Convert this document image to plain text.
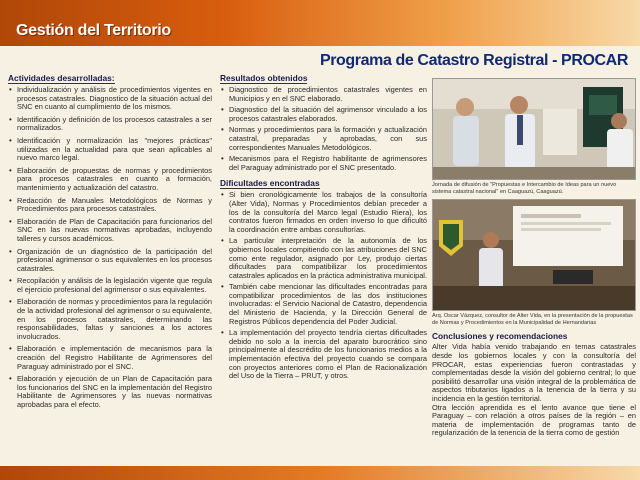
Gestión del Territorio
Programa de Catastro Registral - PROCAR
Actividades desarrolladas:
• Individualización y análisis de procedimientos vigentes en procesos catastrales. Diagnostico de la situación actual del SNC en cuanto al cumplimiento de los mismos.
• Identificación y definición de los procesos catastrales a ser normalizados.
• Identificación y normalización las "mejores prácticas" utilizadas en la actualidad para que sean aplicables al nuevo marco legal.
• Elaboración de propuestas de normas y procedimientos para procesos catastrales en cuanto a formación, mantenimiento y actualización del catastro.
• Redacción de Manuales Metodológicos de Normas y Procedimientos para procesos catastrales.
• Elaboración de Plan de Capacitación para funcionarios del SNC en las nuevas normativas aprobadas, incluyendo talleres y cursos académicos.
• Organización de un diagnóstico de la participación del profesional agrimensor o sus equivalentes en los procesos catastrales.
• Recopilación y análisis de la legislación vigente que regula el ejercicio profesional del agrimensor o sus equivalentes.
• Elaboración de normas y procedimientos para la regulación de la actividad profesional del agrimensor o su equivalente, en los procesos catastrales, determinando las responsabilidades, faltas y sanciones a los actores involucrados.
• Elaboración e implementación de mecanismos para la creación del Registro Habilitante de Agrimensores del Paraguay administrado por el SNC.
• Elaboración y ejecución de un Plan de Capacitación para los funcionarios del SNC en la implementación del Registro Habilitante de Agrimensores y las nuevas normativas aprobadas para el efecto.
Resultados obtenidos
• Diagnostico de procedimientos catastrales vigentes en Municipios y en el SNC elaborado.
• Diagnostico del la situación del agrimensor vinculado a los procesos catastrales elaborados.
• Normas y procedimientos para la formación y actualización catastral, preparadas y aprobadas, con sus correspondientes Manuales Metodológicos.
• Mecanismos para el Registro habilitante de agrimensores del Paraguay administrado por el SNC presentado.
Dificultades encontradas
• Si bien cronológicamente los trabajos de la consultoría (Alter Vida), Normas y Procedimientos debían preceder a los de la consultoría del Marco legal (Estudio Riera), los contratos fueron firmados en orden inverso lo que dificultó la coordinación entre ambas consultorías.
• La particular interpretación de la autonomía de los gobiernos locales compitiendo con las atribuciones del SNC como ente regulador, asignado por Ley, produjo ciertas dificultades para compatibilizar los procedimientos catastrales aplicados en la práctica administrativa municipal.
• También cabe mencionar las dificultades encontradas para compatibilizar procedimientos de las dos instituciones involucradas: el Servicio Nacional de Catastro, dependencia del Ministerio de Hacienda, y la Dirección General de Registros Públicos dependencia del Poder Judicial.
• La implementación del proyecto tendría ciertas dificultades debido no solo a la inercia del aparato burocrático sino principalmente al descrédito de los funcionarios medios a la implementación efectiva del proyecto cuando se compara con proyectos anteriores como el Plan de Racionalización del Uso de la Tierra – PRUT, y otros.
Jornada de difusión de "Propuestas e Intercambio de Ideas para un nuevo sistema catastral nacional" en Caaguazú, Caaguazú.
Arq. Oscar Vázquez, consultor de Alter Vida, en la presentación de la propuestas de Normas y Procedimientos en la Municipalidad de Hernandarias
Conclusiones y recomendaciones

Alter Vida había venido trabajando en temas catastrales desde los gobiernos locales y con la consultoría del PROCAR, estas experiencias fueron contrastadas y complementadas desde la visión del gobierno central; lo que posibilitó desarrollar una visión integral de la problemática de aspectos tributarios ligados a la tenencia de la tierra y su incidencia en la gestión territorial.

Otra lección aprendida es el lento avance que tiene el Paraguay – con relación a otros países de la región – en materia de implementación de programas tanto de regularización de la tenencia de la tierra como de gestión
